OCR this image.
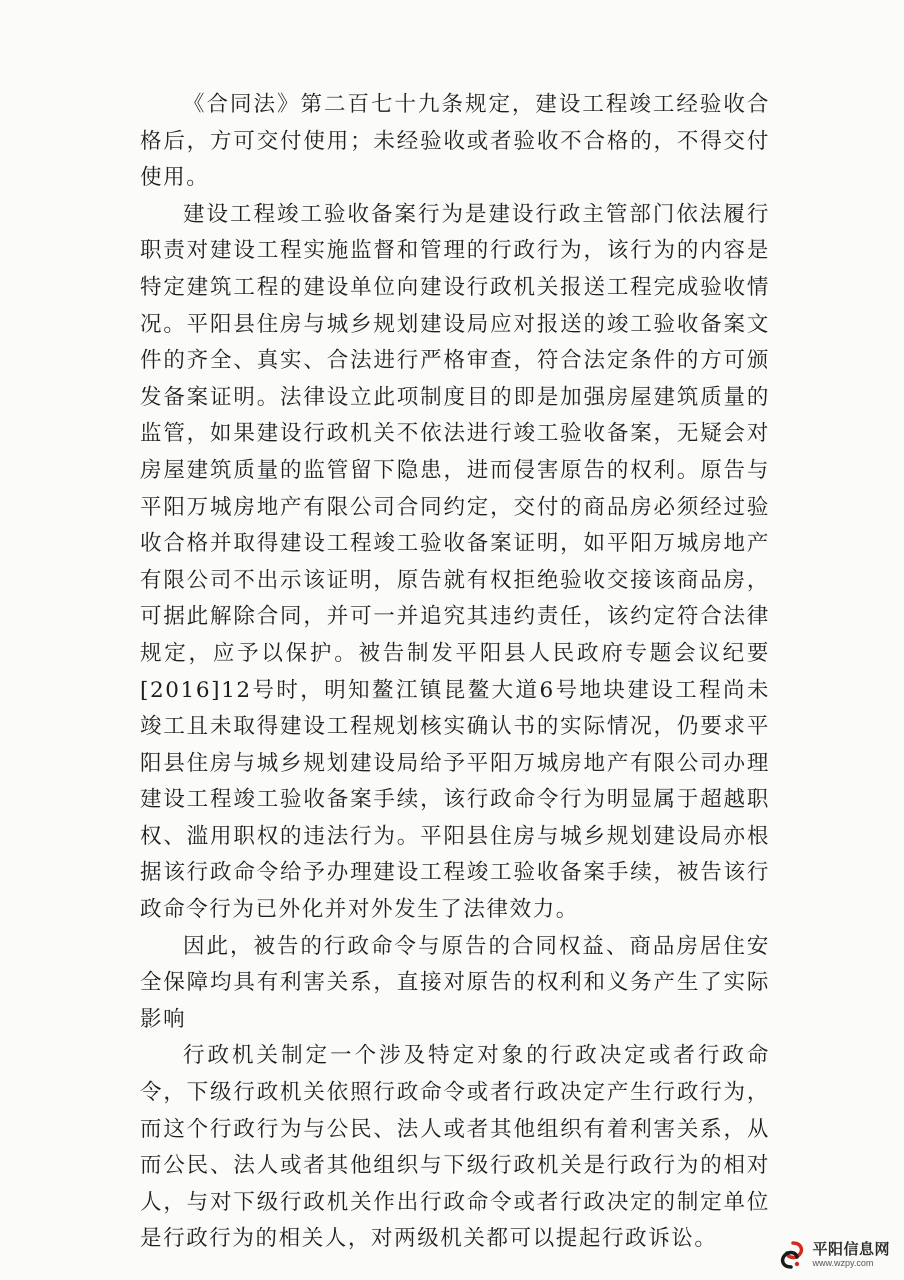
《合同法》第二百七十九条规定，建设工程竣工经验收合格后，方可交付使用；未经验收或者验收不合格的，不得交付使用。

建设工程竣工验收备案行为是建设行政主管部门依法履行职责对建设工程实施监督和管理的行政行为，该行为的内容是特定建筑工程的建设单位向建设行政机关报送工程完成验收情况。平阳县住房与城乡规划建设局应对报送的竣工验收备案文件的齐全、真实、合法进行严格审查，符合法定条件的方可颁发备案证明。法律设立此项制度目的即是加强房屋建筑质量的监管，如果建设行政机关不依法进行竣工验收备案，无疑会对房屋建筑质量的监管留下隐患，进而侵害原告的权利。原告与平阳万城房地产有限公司合同约定，交付的商品房必须经过验收合格并取得建设工程竣工验收备案证明，如平阳万城房地产有限公司不出示该证明，原告就有权拒绝验收交接该商品房，可据此解除合同，并可一并追究其违约责任，该约定符合法律规定，应予以保护。被告制发平阳县人民政府专题会议纪要[2016]12号时，明知鳌江镇昆鳌大道6号地块建设工程尚未竣工且未取得建设工程规划核实确认书的实际情况，仍要求平阳县住房与城乡规划建设局给予平阳万城房地产有限公司办理建设工程竣工验收备案手续，该行政命令行为明显属于超越职权、滥用职权的违法行为。平阳县住房与城乡规划建设局亦根据该行政命令给予办理建设工程竣工验收备案手续，被告该行政命令行为已外化并对外发生了法律效力。

因此，被告的行政命令与原告的合同权益、商品房居住安全保障均具有利害关系，直接对原告的权利和义务产生了实际影响

行政机关制定一个涉及特定对象的行政决定或者行政命令，下级行政机关依照行政命令或者行政决定产生行政行为，而这个行政行为与公民、法人或者其他组织有着利害关系，从而公民、法人或者其他组织与下级行政机关是行政行为的相对人，与对下级行政机关作出行政命令或者行政决定的制定单位是行政行为的相关人，对两级机关都可以提起行政诉讼。	平阳信息网
www.wzpy.com
